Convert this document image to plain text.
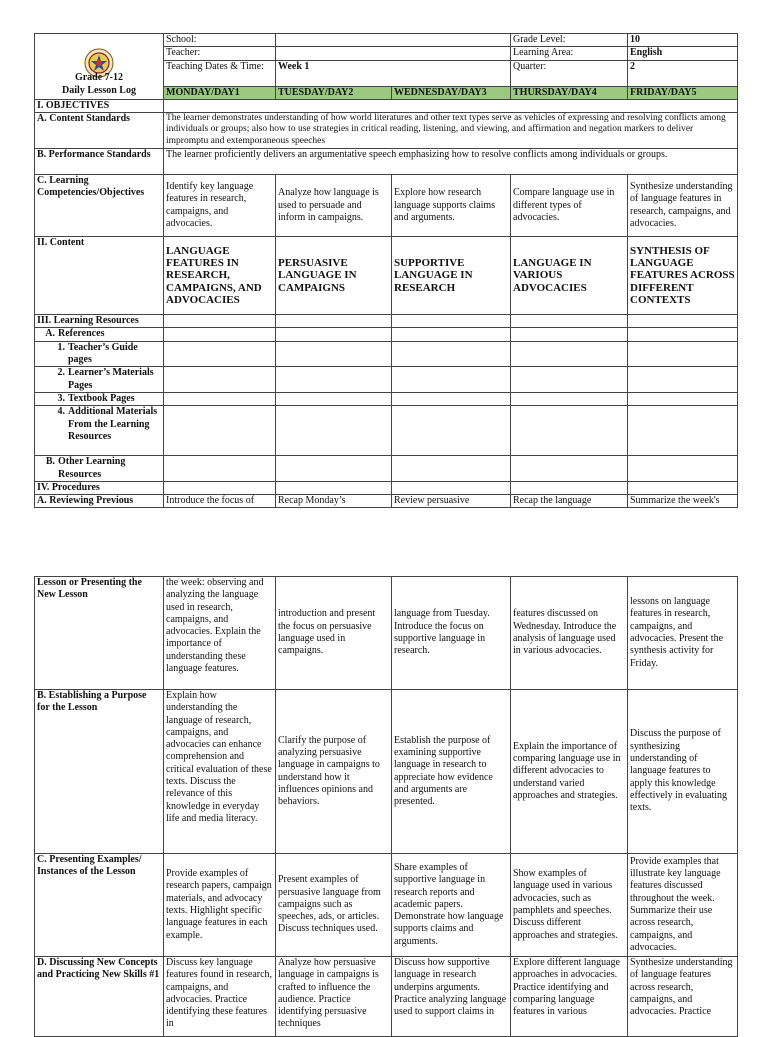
Grade 7-12
Daily Lesson Log	School:			Grade Level:	10
	Teacher:			Learning Area:	English
	Teaching Dates & Time:	Week 1		Quarter:	2
	MONDAY/DAY1	TUESDAY/DAY2	WEDNESDAY/DAY3	THURSDAY/DAY4	FRIDAY/DAY5
I. OBJECTIVES					
A. Content Standards	The learner demonstrates understanding of how world literatures and other text types serve as vehicles of expressing and resolving conflicts among individuals or groups; also how to use strategies in critical reading, listening, and viewing, and affirmation and negation markers to deliver impromptu and extemporaneous speeches				
B. Performance Standards	The learner proficiently delivers an argumentative speech emphasizing how to resolve conflicts among individuals or groups.				
C. Learning Competencies/Objectives	Identify key language features in research, campaigns, and advocacies.	Analyze how language is used to persuade and inform in campaigns.	Explore how research language supports claims and arguments.	Compare language use in different types of advocacies.	Synthesize understanding of language features in research, campaigns, and advocacies.
II. Content	LANGUAGE FEATURES IN RESEARCH, CAMPAIGNS, AND ADVOCACIES	PERSUASIVE LANGUAGE IN CAMPAIGNS	SUPPORTIVE LANGUAGE IN RESEARCH	LANGUAGE IN VARIOUS ADVOCACIES	SYNTHESIS OF LANGUAGE FEATURES ACROSS DIFFERENT CONTEXTS
III. Learning Resources					

A. References					

1. Teacher’s Guide pages					

2. Learner’s Materials Pages					

3. Textbook Pages					

4. Additional Materials From the Learning Resources					

B. Other Learning Resources					

IV. Procedures					
A. Reviewing Previous	Introduce the focus of	Recap Monday’s	Review persuasive	Recap the language	Summarize the week's
Lesson or Presenting the New Lesson	the week: observing and analyzing the language used in research, campaigns, and advocacies. Explain the importance of understanding these language features.	introduction and present the focus on persuasive language used in campaigns.	language from Tuesday. Introduce the focus on supportive language in research.	features discussed on Wednesday. Introduce the analysis of language used in various advocacies.	lessons on language features in research, campaigns, and advocacies. Present the synthesis activity for Friday.
B. Establishing a Purpose for the Lesson	Explain how understanding the language of research, campaigns, and advocacies can enhance comprehension and critical evaluation of these texts. Discuss the relevance of this knowledge in everyday life and media literacy.	Clarify the purpose of analyzing persuasive language in campaigns to understand how it influences opinions and behaviors.	Establish the purpose of examining supportive language in research to appreciate how evidence and arguments are presented.	Explain the importance of comparing language use in different advocacies to understand varied approaches and strategies.	Discuss the purpose of synthesizing understanding of language features to apply this knowledge effectively in evaluating texts.
C. Presenting Examples/ Instances of the Lesson	Provide examples of research papers, campaign materials, and advocacy texts. Highlight specific language features in each example.	Present examples of persuasive language from campaigns such as speeches, ads, or articles. Discuss techniques used.	Share examples of supportive language in research reports and academic papers. Demonstrate how language supports claims and arguments.	Show examples of language used in various advocacies, such as pamphlets and speeches. Discuss different approaches and strategies.	Provide examples that illustrate key language features discussed throughout the week. Summarize their use across research, campaigns, and advocacies.
D. Discussing New Concepts and Practicing New Skills #1	Discuss key language features found in research, campaigns, and advocacies. Practice identifying these features in	Analyze how persuasive language in campaigns is crafted to influence the audience. Practice identifying persuasive techniques	Discuss how supportive language in research underpins arguments. Practice analyzing language used to support claims in	Explore different language approaches in advocacies. Practice identifying and comparing language features in various	Synthesize understanding of language features across research, campaigns, and advocacies. Practice
